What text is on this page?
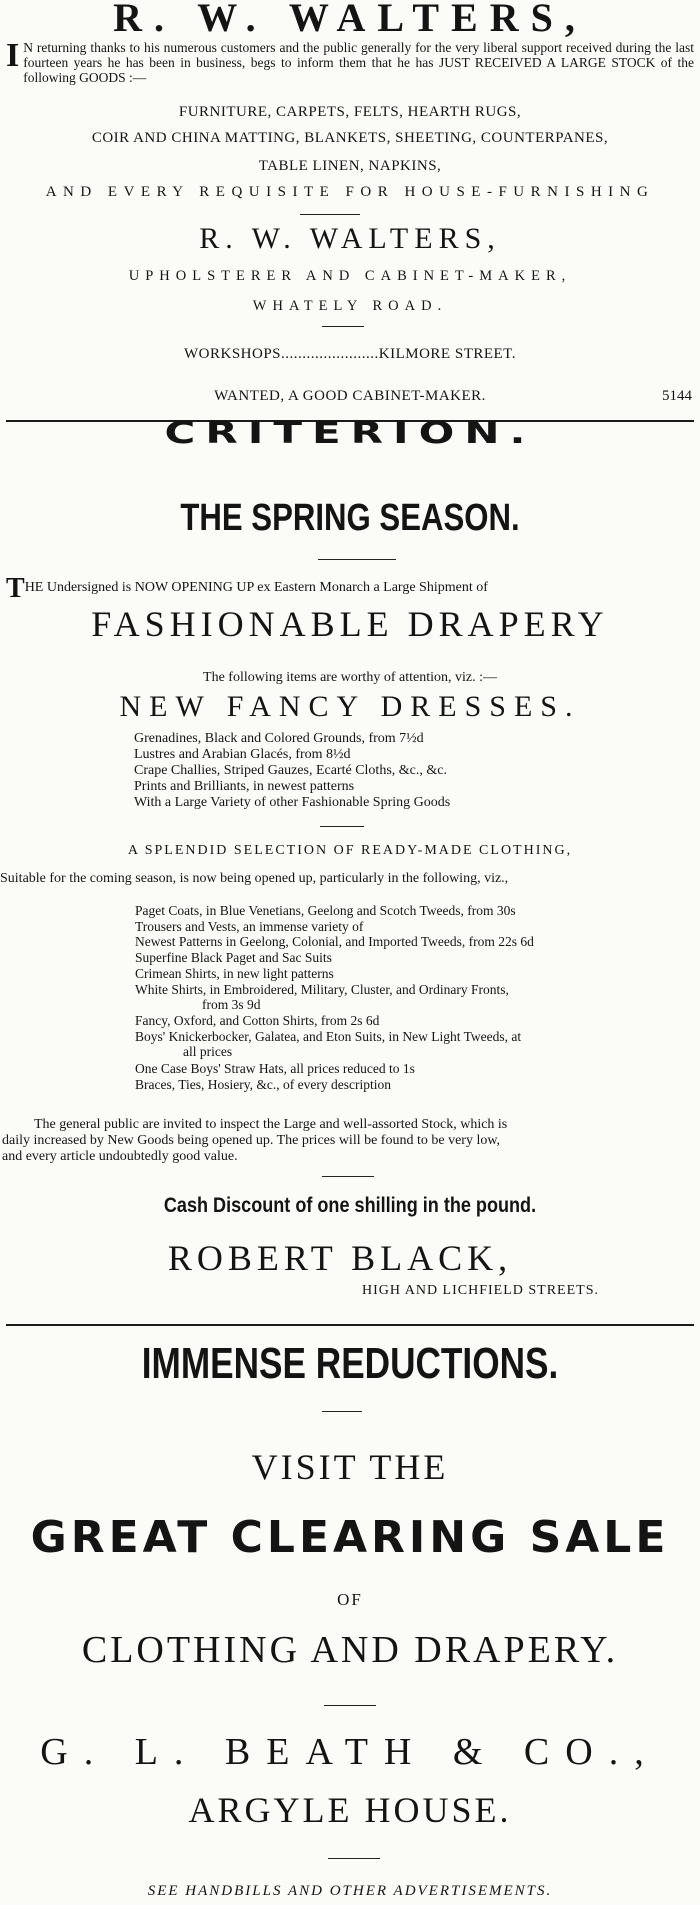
R. W. WALTERS,
I N returning thanks to his numerous customers and the public generally for the very liberal support received during the last fourteen years he has been in business, begs to inform them that he has JUST RECEIVED A LARGE STOCK of the following GOODS :—
FURNITURE, CARPETS, FELTS, HEARTH RUGS,
COIR AND CHINA MATTING, BLANKETS, SHEETING, COUNTERPANES,
TABLE LINEN, NAPKINS,
AND EVERY REQUISITE FOR HOUSE-FURNISHING
R. W. WALTERS,
UPHOLSTERER AND CABINET-MAKER,
WHATELY ROAD.
WORKSHOPS.......................KILMORE STREET.
WANTED, A GOOD CABINET-MAKER.	5144
CRITERION.
THE SPRING SEASON.
THE Undersigned is NOW OPENING UP ex Eastern Monarch a Large Shipment of
FASHIONABLE DRAPERY
The following items are worthy of attention, viz. :—
NEW FANCY DRESSES.
Grenadines, Black and Colored Grounds, from 7½d
Lustres and Arabian Glacés, from 8½d
Crape Challies, Striped Gauzes, Ecarté Cloths, &c., &c.
Prints and Brilliants, in newest patterns
With a Large Variety of other Fashionable Spring Goods
A SPLENDID SELECTION OF READY-MADE CLOTHING,
Suitable for the coming season, is now being opened up, particularly in the following, viz.,
Paget Coats, in Blue Venetians, Geelong and Scotch Tweeds, from 30s
Trousers and Vests, an immense variety of
Newest Patterns in Geelong, Colonial, and Imported Tweeds, from 22s 6d
Superfine Black Paget and Sac Suits
Crimean Shirts, in new light patterns
White Shirts, in Embroidered, Military, Cluster, and Ordinary Fronts,
from 3s 9d
Fancy, Oxford, and Cotton Shirts, from 2s 6d
Boys' Knickerbocker, Galatea, and Eton Suits, in New Light Tweeds, at
all prices
One Case Boys' Straw Hats, all prices reduced to 1s
Braces, Ties, Hosiery, &c., of every description
The general public are invited to inspect the Large and well-assorted Stock, which is
daily increased by New Goods being opened up. The prices will be found to be very low,
and every article undoubtedly good value.
Cash Discount of one shilling in the pound.
ROBERT BLACK,
HIGH AND LICHFIELD STREETS.
IMMENSE REDUCTIONS.
VISIT THE
GREAT CLEARING SALE
OF
CLOTHING AND DRAPERY.
G. L. BEATH & CO.,
ARGYLE HOUSE.
SEE HANDBILLS AND OTHER ADVERTISEMENTS.
